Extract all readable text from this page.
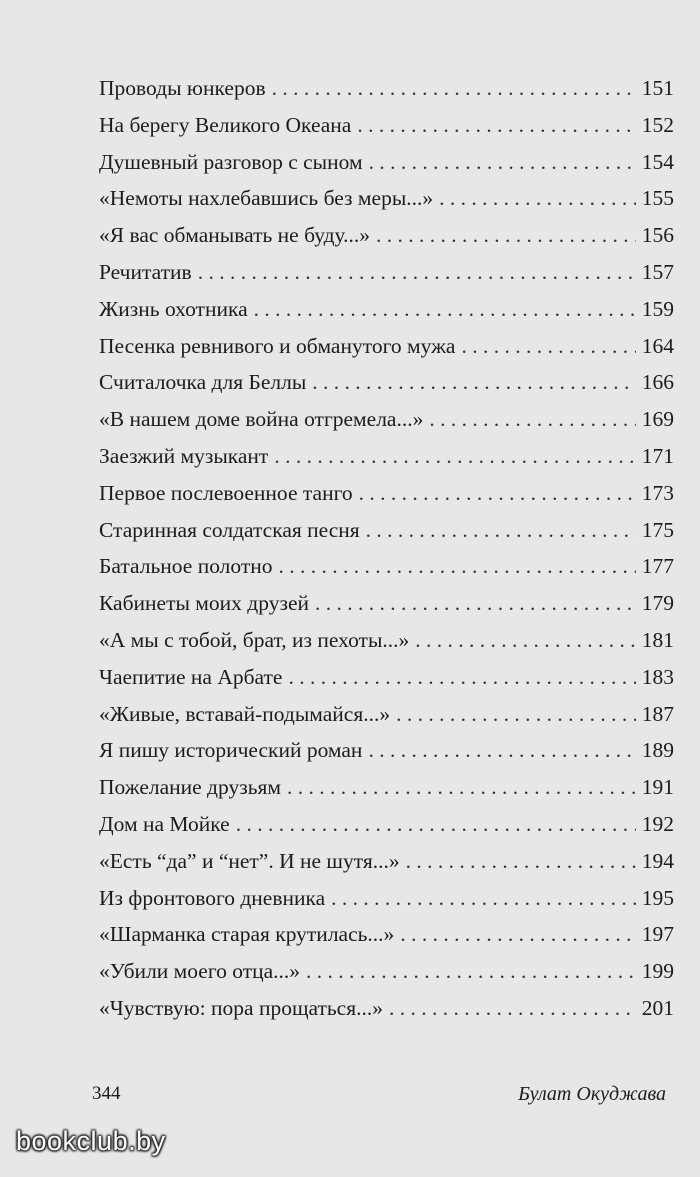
Проводы юнкеров . . .	151
На берегу Великого Океана . . .	152
Душевный разговор с сыном . . .	154
«Немоты нахлебавшись без меры...» . . .	155
«Я вас обманывать не буду...» . . .	156
Речитатив . . .	157
Жизнь охотника . . .	159
Песенка ревнивого и обманутого мужа . . .	164
Считалочка для Беллы . . .	166
«В нашем доме война отгремела...» . . .	169
Заезжий музыкант . . .	171
Первое послевоенное танго . . .	173
Старинная солдатская песня . . .	175
Батальное полотно . . .	177
Кабинеты моих друзей . . .	179
«А мы с тобой, брат, из пехоты...» . . .	181
Чаепитие на Арбате . . .	183
«Живые, вставай-подымайся...» . . .	187
Я пишу исторический роман . . .	189
Пожелание друзьям . . .	191
Дом на Мойке . . .	192
«Есть “да” и “нет”. И не шутя...» . . .	194
Из фронтового дневника . . .	195
«Шарманка старая крутилась...» . . .	197
«Убили моего отца...» . . .	199
«Чувствую: пора прощаться...» . . .	201
344	Булат Окуджава
bookclub.by
